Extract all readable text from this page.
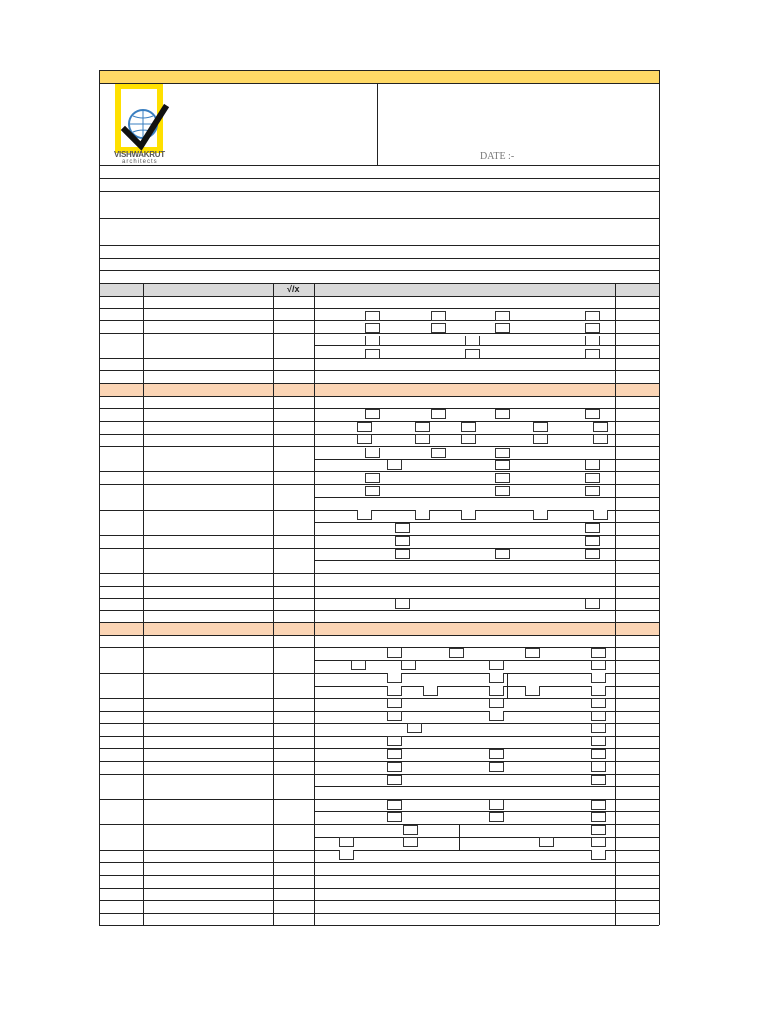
VISHWAKRUT
architects	DATE :-
√/x
